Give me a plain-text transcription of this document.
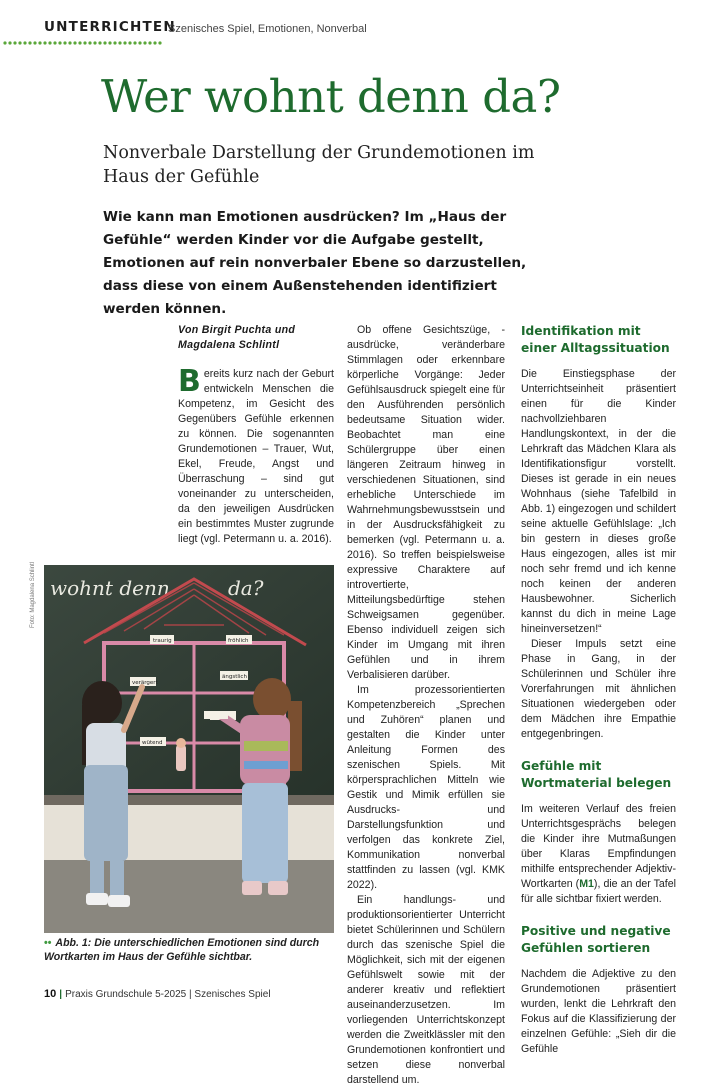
UNTERRICHTEN
Szenisches Spiel, Emotionen, Nonverbal
Wer wohnt denn da?
Nonverbale Darstellung der Grundemotionen im Haus der Gefühle
Wie kann man Emotionen ausdrücken? Im „Haus der Gefühle“ werden Kinder vor die Aufgabe gestellt, Emotionen auf rein nonverbaler Ebene so darzustellen, dass diese von einem Außenstehenden identifiziert werden können.
Von Birgit Puchta und Magdalena Schlintl

Bereits kurz nach der Geburt entwickeln Menschen die Kompetenz, im Gesicht des Gegenübers Gefühle erkennen zu können. Die sogenannten Grundemotionen – Trauer, Wut, Ekel, Freude, Angst und Überraschung – sind gut voneinander zu unterscheiden, da den jeweiligen Ausdrücken ein bestimmtes Muster zugrunde liegt (vgl. Petermann u. a. 2016).

Ob offene Gesichtszüge, -ausdrücke, veränderbare Stimmlagen oder erkennbare körperliche Vorgänge: Jeder Gefühlsausdruck spiegelt eine für den Ausführenden persönlich bedeutsame Situation wider. Beobachtet man eine Schülergruppe über einen längeren Zeitraum hinweg in verschiedenen Situationen, sind erhebliche Unterschiede im Wahrnehmungsbewusstsein und in der Ausdrucksfähigkeit zu bemerken (vgl. Petermann u. a. 2016). So treffen beispielsweise expressive Charaktere auf introvertierte, Mitteilungsbedürftige stehen Schweigsamen gegenüber. Ebenso individuell zeigen sich Kinder im Umgang mit ihren Gefühlen und in ihrem Verbalisieren darüber.

Im prozessorientierten Kompetenzbereich „Sprechen und Zuhören“ planen und gestalten die Kinder unter Anleitung Formen des szenischen Spiels. Mit körpersprachlichen Mitteln wie Gestik und Mimik erfüllen sie Ausdrucks- und Darstellungsfunktion und verfolgen das konkrete Ziel, Kommunikation nonverbal stattfinden zu lassen (vgl. KMK 2022).

Ein handlungs- und produktionsorientierter Unterricht bietet Schülerinnen und Schülern durch das szenische Spiel die Möglichkeit, sich mit der eigenen Gefühlswelt sowie mit der anderer kreativ und reflektiert auseinanderzusetzen. Im vorliegenden Unterrichtskonzept werden die Zweitklässler mit den Grundemotionen konfrontiert und setzen diese nonverbal darstellend um.

Identifikation mit einer Alltagssituation

Die Einstiegsphase der Unterrichtseinheit präsentiert einen für die Kinder nachvollziehbaren Handlungskontext, in der die Lehrkraft das Mädchen Klara als Identifikationsfigur vorstellt. Dieses ist gerade in ein neues Wohnhaus (siehe Tafelbild in Abb. 1) eingezogen und schildert seine aktuelle Gefühlslage: „Ich bin gestern in dieses große Haus eingezogen, alles ist mir noch sehr fremd und ich kenne noch keinen der anderen Hausbewohner. Sicherlich kannst du dich in meine Lage hineinversetzen!“

Dieser Impuls setzt eine Phase in Gang, in der Schülerinnen und Schüler ihre Vorerfahrungen mit ähnlichen Situationen wiedergeben oder dem Mädchen ihre Empathie entgegenbringen.

Gefühle mit Wortmaterial belegen

Im weiteren Verlauf des freien Unterrichtsgesprächs belegen die Kinder ihre Mutmaßungen über Klaras Empfindungen mithilfe entsprechender Adjektiv-Wortkarten (M1), die an der Tafel für alle sichtbar fixiert werden.

Positive und negative Gefühlen sortieren

Nachdem die Adjektive zu den Grundemotionen präsentiert wurden, lenkt die Lehrkraft den Fokus auf die Klassifizierung der einzelnen Gefühle: „Sieh dir die Gefühle

Foto: Magdalena Schlintl wohnt denn	da?
traurig	fröhlich
ängstlich
verärgert
wütend
•• Abb. 1: Die unterschiedlichen Emotionen sind durch Wortkarten im Haus der Gefühle sichtbar.
10 | Praxis Grundschule 5-2025 | Szenisches Spiel
